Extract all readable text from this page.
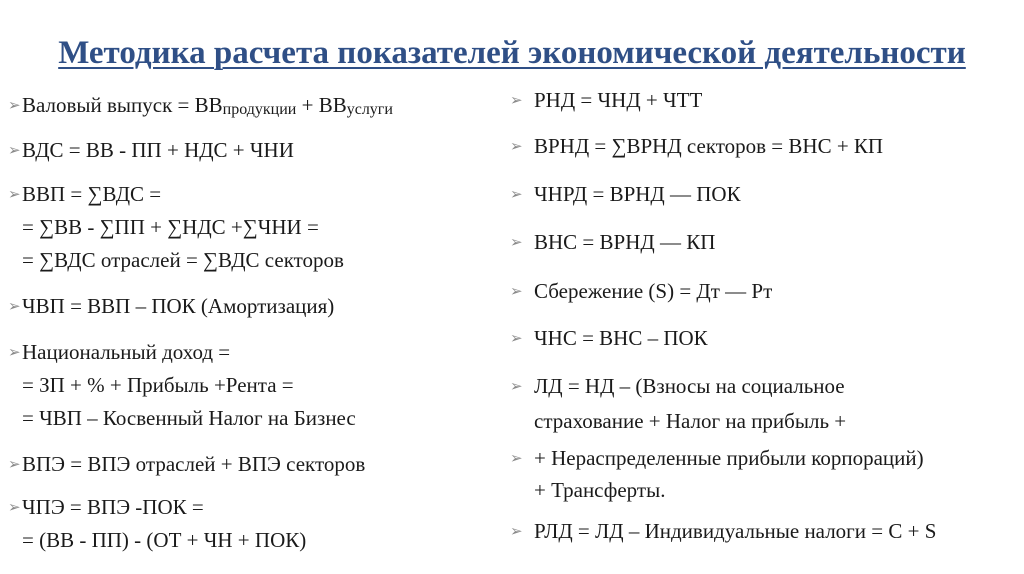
Методика расчета показателей экономической деятельности
➢Валовый выпуск = ВВпродукции + ВВуслуги
➢ВДС = ВВ - ПП + НДС + ЧНИ
➢ВВП = ∑ВДС =
= ∑ВВ - ∑ПП + ∑НДС +∑ЧНИ =
= ∑ВДС отраслей = ∑ВДС секторов
➢ЧВП = ВВП – ПОК (Амортизация)
➢Национальный доход =
= ЗП + % + Прибыль +Рента =
= ЧВП – Косвенный Налог на Бизнес
➢ВПЭ = ВПЭ отраслей + ВПЭ секторов
➢ЧПЭ = ВПЭ -ПОК =
= (ВВ - ПП) - (ОТ + ЧН + ПОК)
➢ РНД = ЧНД + ЧТТ
➢ ВРНД = ∑ВРНД секторов = ВНС + КП
➢ ЧНРД = ВРНД — ПОК
➢ ВНС = ВРНД — КП
➢ Сбережение (S) = Дт — Рт
➢ ЧНС = ВНС – ПОК
➢ ЛД = НД – (Взносы на социальное
страхование + Налог на прибыль +
➢ + Нераспределенные прибыли корпораций)
+ Трансферты.
➢ РЛД = ЛД – Индивидуальные налоги = С + S
